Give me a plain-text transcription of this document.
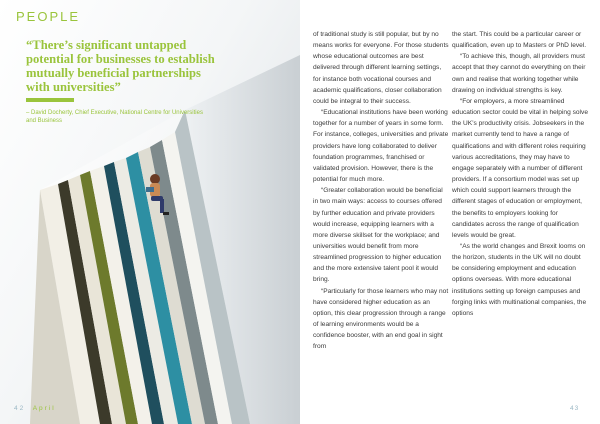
PEOPLE
“There’s significant untapped potential for businesses to establish mutually beneficial partnerships with universities”
– David Docherty, Chief Executive, National Centre for Universities and Business
42 April

of traditional study is still popular, but by no means works for everyone. For those students whose educational outcomes are best delivered through different learning settings, for instance both vocational courses and academic qualifications, closer collaboration could be integral to their success.

“Educational institutions have been working together for a number of years in some form. For instance, colleges, universities and private providers have long collaborated to deliver foundation programmes, franchised or validated provision. However, there is the potential for much more.

“Greater collaboration would be beneficial in two main ways: access to courses offered by further education and private providers would increase, equipping learners with a more diverse skillset for the workplace; and universities would benefit from more streamlined progression to higher education and the more extensive talent pool it would bring.

“Particularly for those learners who may not have considered higher education as an option, this clear progression through a range of learning environments would be a confidence booster, with an end goal in sight from

the start. This could be a particular career or qualification, even up to Masters or PhD level.

“To achieve this, though, all providers must accept that they cannot do everything on their own and realise that working together while drawing on individual strengths is key.

“For employers, a more streamlined education sector could be vital in helping solve the UK’s productivity crisis. Jobseekers in the market currently tend to have a range of qualifications and with different roles requiring various accreditations, they may have to engage separately with a number of different providers. If a consortium model was set up which could support learners through the different stages of education or employment, the benefits to employers looking for candidates across the range of qualification levels would be great.

“As the world changes and Brexit looms on the horizon, students in the UK will no doubt be considering employment and education options overseas. With more educational institutions setting up foreign campuses and forging links with multinational companies, the options

43
